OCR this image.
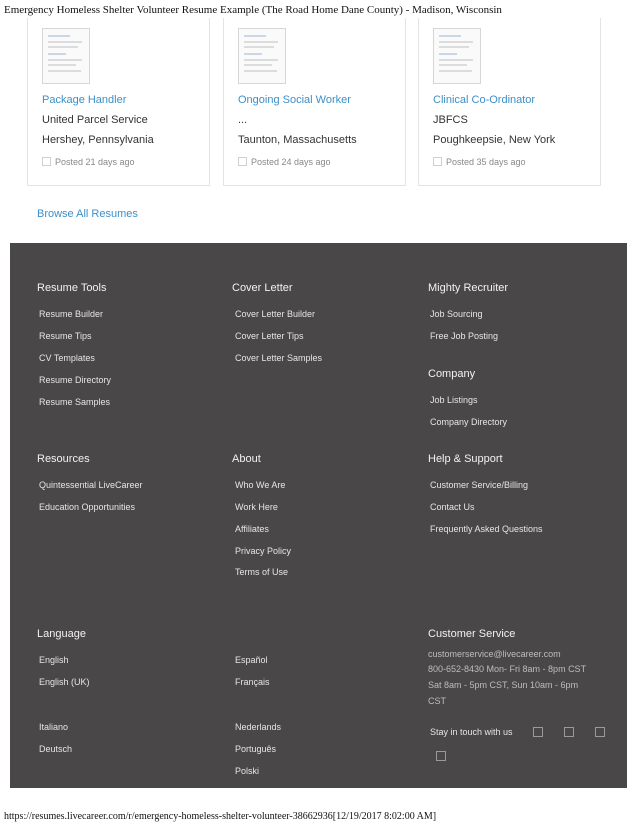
Emergency Homeless Shelter Volunteer Resume Example (The Road Home Dane County) - Madison, Wisconsin
Package Handler
United Parcel Service
Hershey, Pennsylvania
Posted 21 days ago
Ongoing Social Worker
...
Taunton, Massachusetts
Posted 24 days ago
Clinical Co-Ordinator
JBFCS
Poughkeepsie, New York
Posted 35 days ago
Browse All Resumes
Resume Tools
Resume Builder
Resume Tips
CV Templates
Resume Directory
Resume Samples
Resources
Quintessential LiveCareer
Education Opportunities
Language
English
English (UK)
Italiano
Deutsch
Cover Letter
Cover Letter Builder
Cover Letter Tips
Cover Letter Samples
About
Who We Are
Work Here
Affiliates
Privacy Policy
Terms of Use
Español
Français
Nederlands
Português
Polski
Mighty Recruiter
Job Sourcing
Free Job Posting
Company
Job Listings
Company Directory
Help & Support
Customer Service/Billing
Contact Us
Frequently Asked Questions
Customer Service
customerservice@livecareer.com
800-652-8430 Mon- Fri 8am - 8pm CST
Sat 8am - 5pm CST, Sun 10am - 6pm
CST
Stay in touch with us
https://resumes.livecareer.com/r/emergency-homeless-shelter-volunteer-38662936[12/19/2017 8:02:00 AM]
